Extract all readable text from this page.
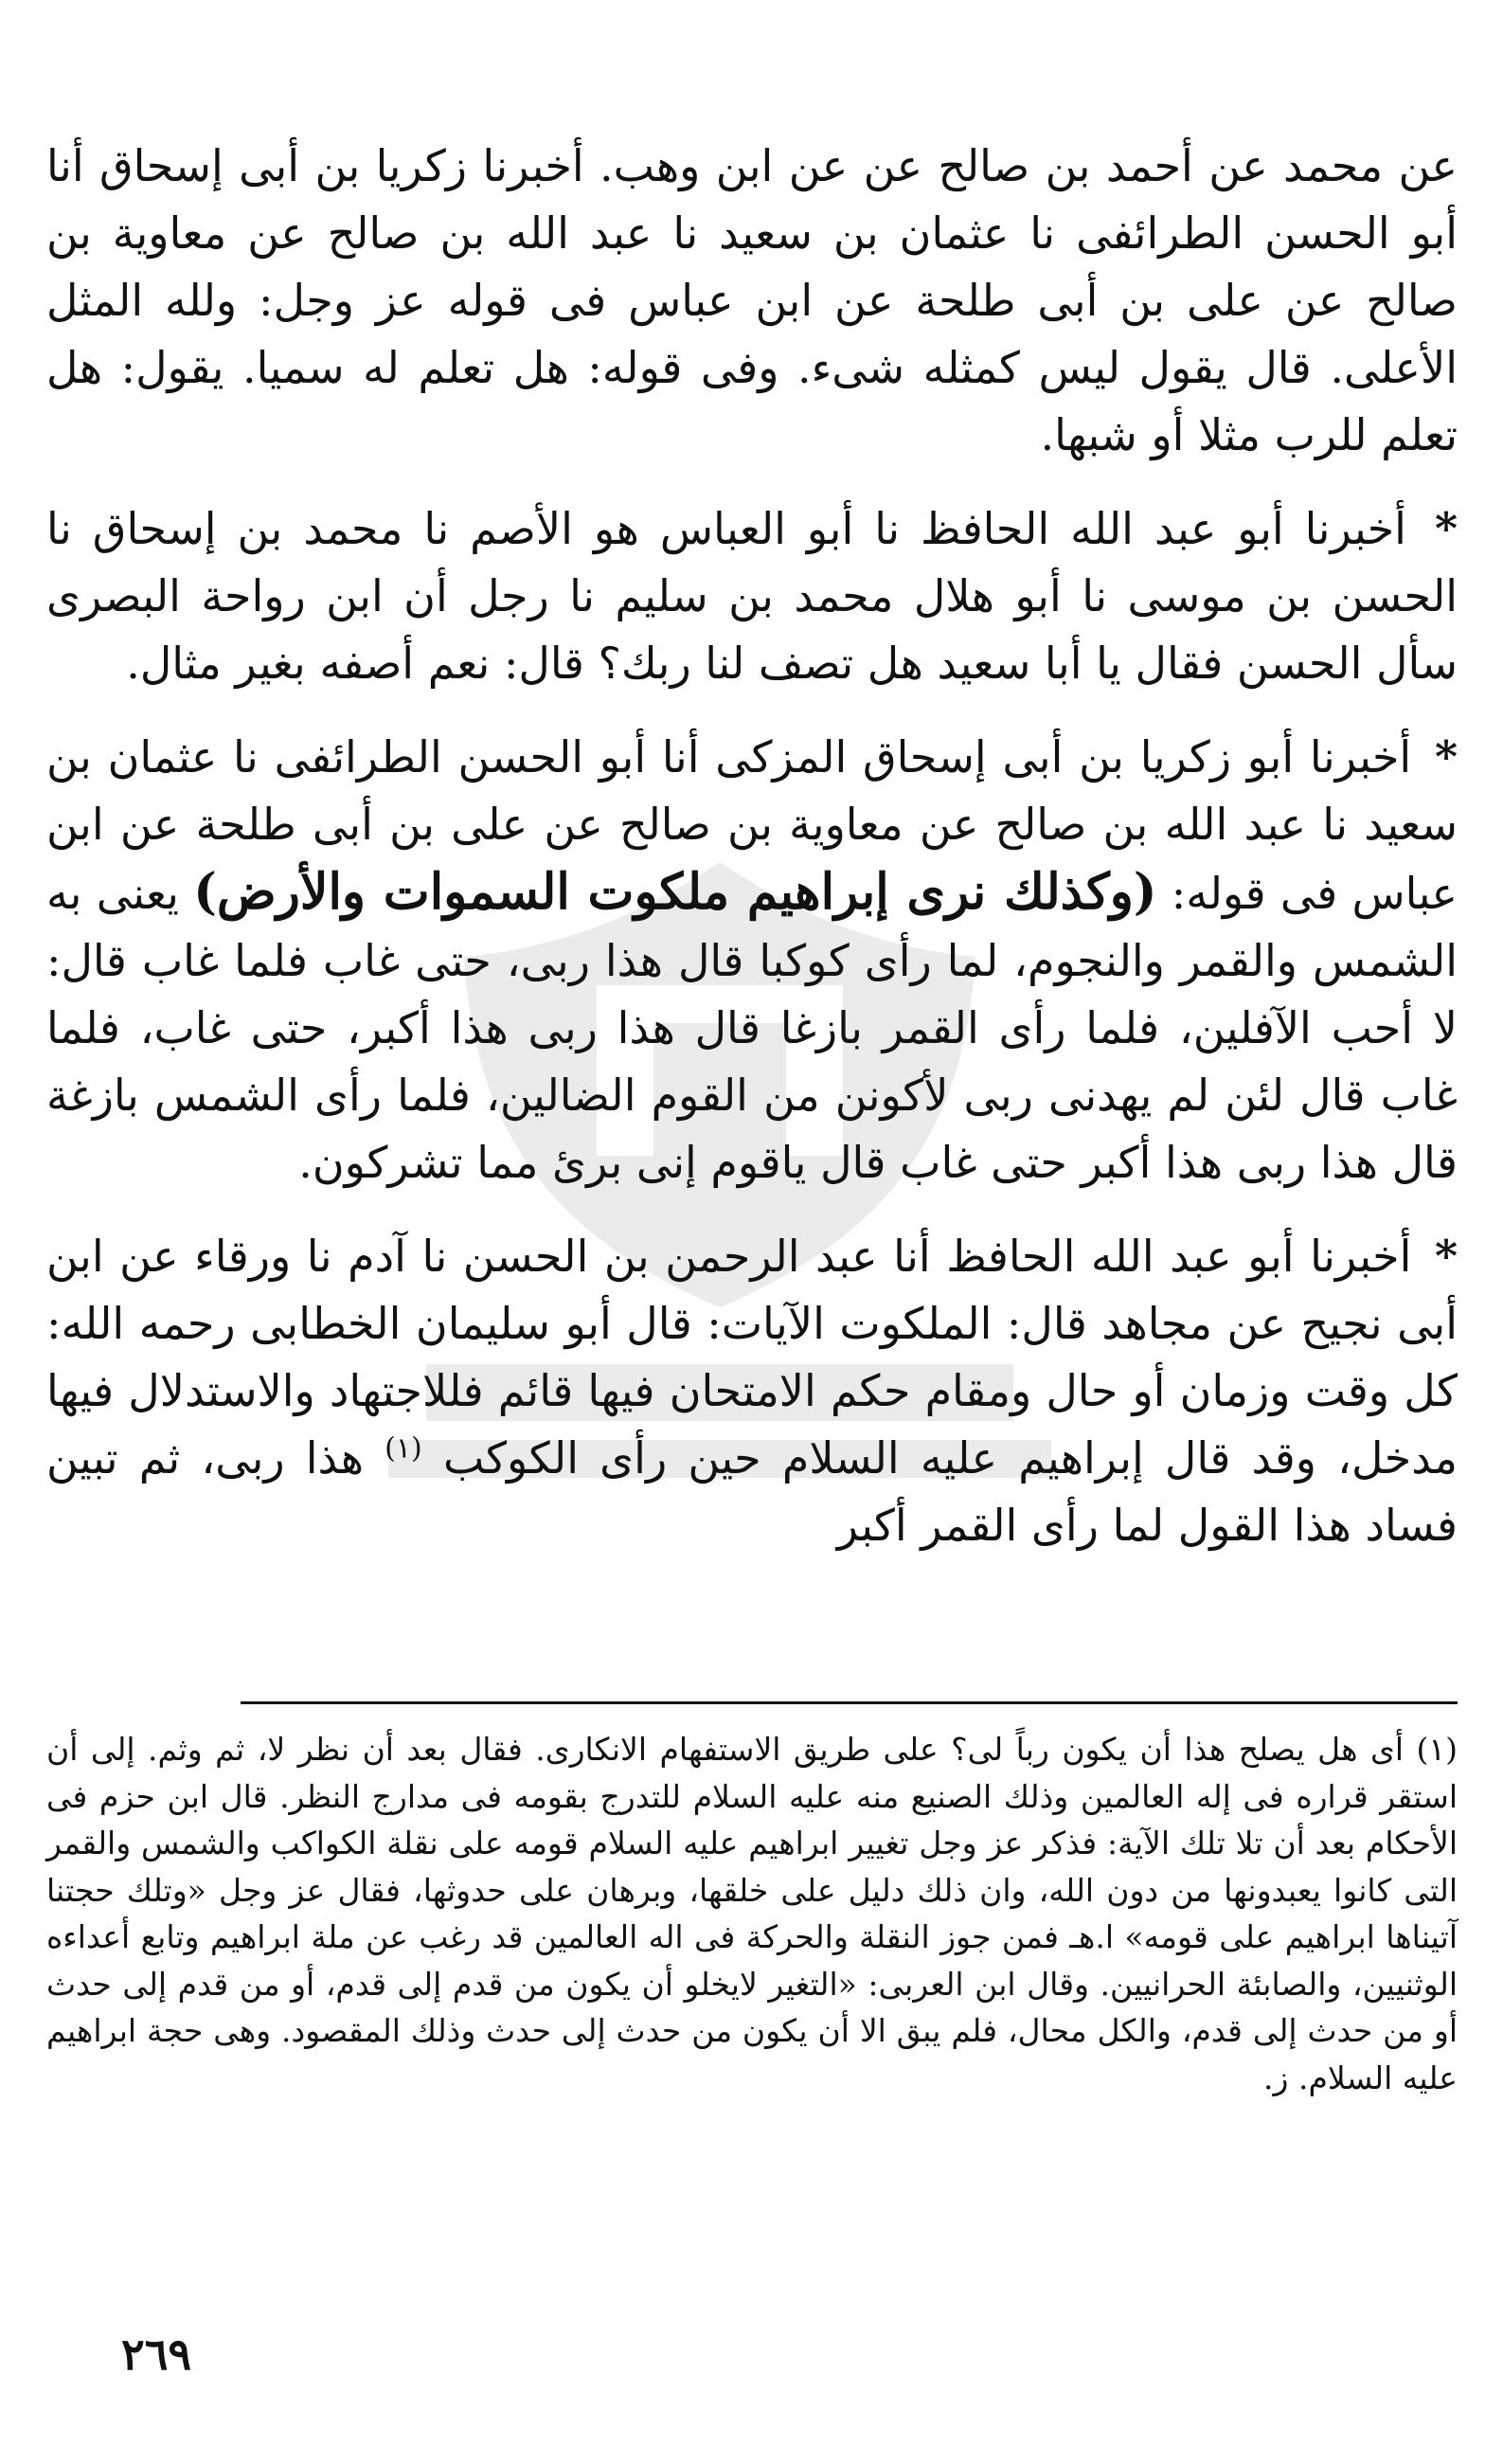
عن محمد عن أحمد بن صالح عن عن ابن وهب. أخبرنا زكريا بن أبى إسحاق أنا أبو الحسن الطرائفى نا عثمان بن سعيد نا عبد الله بن صالح عن معاوية بن صالح عن على بن أبى طلحة عن ابن عباس فى قوله عز وجل: ولله المثل الأعلى. قال يقول ليس كمثله شىء. وفى قوله: هل تعلم له سميا. يقول: هل تعلم للرب مثلا أو شبها.

* أخبرنا أبو عبد الله الحافظ نا أبو العباس هو الأصم نا محمد بن إسحاق نا الحسن بن موسى نا أبو هلال محمد بن سليم نا رجل أن ابن رواحة البصرى سأل الحسن فقال يا أبا سعيد هل تصف لنا ربك؟ قال: نعم أصفه بغير مثال.

* أخبرنا أبو زكريا بن أبى إسحاق المزكى أنا أبو الحسن الطرائفى نا عثمان بن سعيد نا عبد الله بن صالح عن معاوية بن صالح عن على بن أبى طلحة عن ابن عباس فى قوله: (وكذلك نرى إبراهيم ملكوت السموات والأرض) يعنى به الشمس والقمر والنجوم، لما رأى كوكبا قال هذا ربى، حتى غاب فلما غاب قال: لا أحب الآفلين، فلما رأى القمر بازغا قال هذا ربى هذا أكبر، حتى غاب، فلما غاب قال لئن لم يهدنى ربى لأكونن من القوم الضالين، فلما رأى الشمس بازغة قال هذا ربى هذا أكبر حتى غاب قال ياقوم إنى برئ مما تشركون.

* أخبرنا أبو عبد الله الحافظ أنا عبد الرحمن بن الحسن نا آدم نا ورقاء عن ابن أبى نجيح عن مجاهد قال: الملكوت الآيات: قال أبو سليمان الخطابى رحمه الله: كل وقت وزمان أو حال ومقام حكم الامتحان فيها قائم فللاجتهاد والاستدلال فيها مدخل، وقد قال إبراهيم عليه السلام حين رأى الكوكب $^{(١)}$ هذا ربى، ثم تبين فساد هذا القول لما رأى القمر أكبر

(١) أى هل يصلح هذا أن يكون رباً لى؟ على طريق الاستفهام الانكارى. فقال بعد أن نظر لا، ثم وثم. إلى أن استقر قراره فى إله العالمين وذلك الصنيع منه عليه السلام للتدرج بقومه فى مدارج النظر. قال ابن حزم فى الأحكام بعد أن تلا تلك الآية: فذكر عز وجل تغيير ابراهيم عليه السلام قومه على نقلة الكواكب والشمس والقمر التى كانوا يعبدونها من دون الله، وان ذلك دليل على خلقها، وبرهان على حدوثها، فقال عز وجل «وتلك حجتنا آتيناها ابراهيم على قومه» ا.هـ فمن جوز النقلة والحركة فى اله العالمين قد رغب عن ملة ابراهيم وتابع أعداءه الوثنيين، والصابئة الحرانيين. وقال ابن العربى: «التغير لايخلو أن يكون من قدم إلى قدم، أو من قدم إلى حدث أو من حدث إلى قدم، والكل محال، فلم يبق الا أن يكون من حدث إلى حدث وذلك المقصود. وهى حجة ابراهيم عليه السلام. ز.

٢٦٩
